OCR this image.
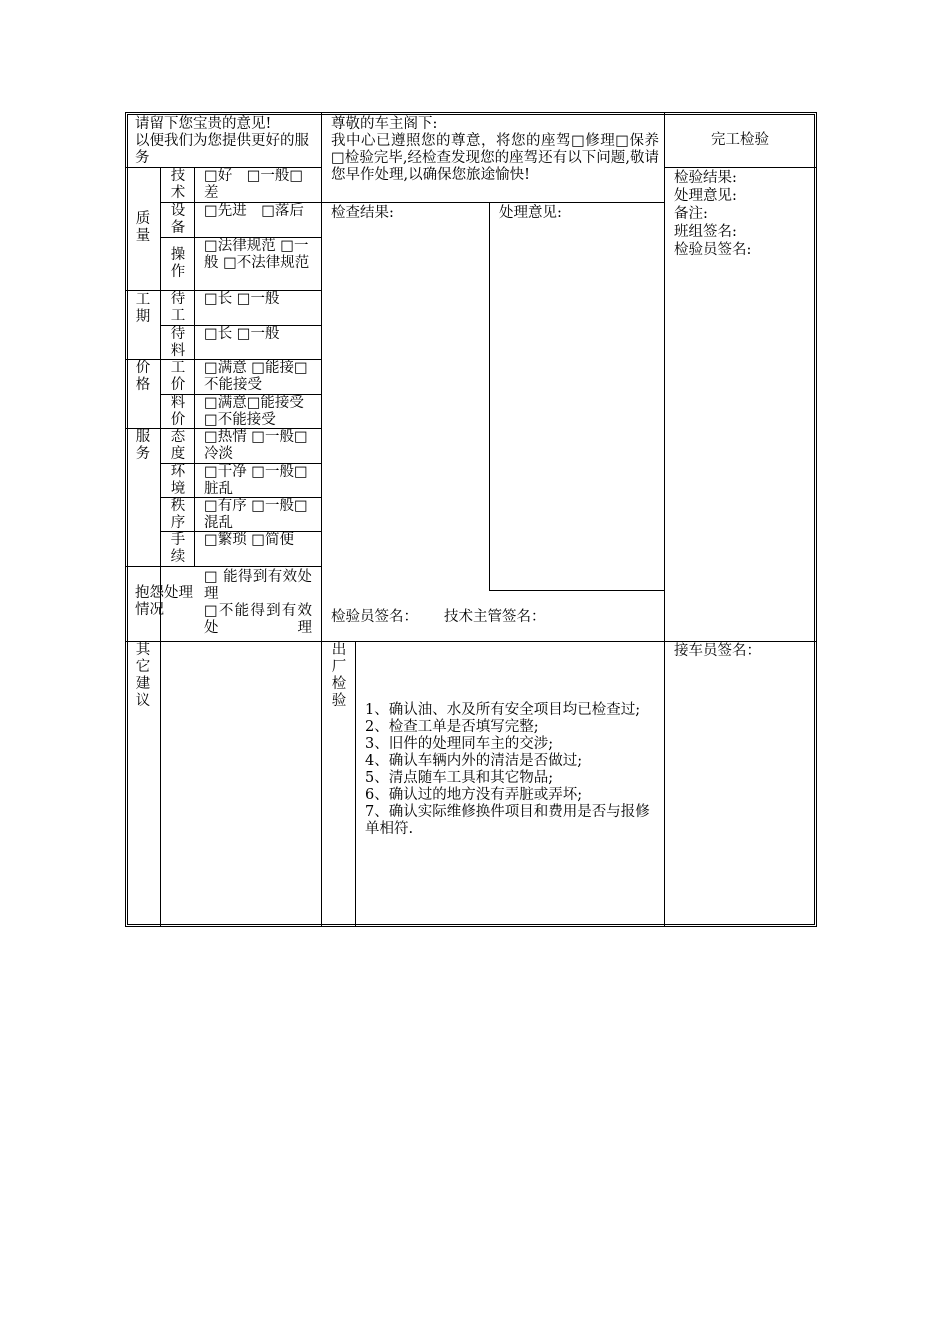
请留下您宝贵的意见!
以便我们为您提供更好的服务
质量
技术
□好　□一般□差
设备
□先进　□落后
操作
□法律规范 □一般 □不法律规范
工期
待工
□长 □一般
待料
□长 □一般
价格
工价
□满意 □能接□不能接受
料价
□满意□能接受□不能接受
服务
态度
□热情 □一般□冷淡
环境
□干净 □一般□脏乱
秩序
□有序 □一般□混乱
手续
□繁琐 □简便
抱怨处理情况
□ 能得到有效处理
□不能得到有效处理
其它建议
尊敬的车主阁下:
我中心已遵照您的尊意，将您的座驾□修理□保养□检验完毕,经检查发现您的座驾还有以下问题,敬请您早作处理,以确保您旅途愉快!
检查结果:	处理意见:
检验员签名： 技术主管签名：
完工检验
检验结果:
处理意见:
备注:
班组签名:
检验员签名:
接车员签名：
出厂检验
1、确认油、水及所有安全项目均已检查过;
2、检查工单是否填写完整;
3、旧件的处理同车主的交涉;
4、确认车辆内外的清洁是否做过;
5、清点随车工具和其它物品;
6、确认过的地方没有弄脏或弄坏;
7、确认实际维修换件项目和费用是否与报修单相符.
